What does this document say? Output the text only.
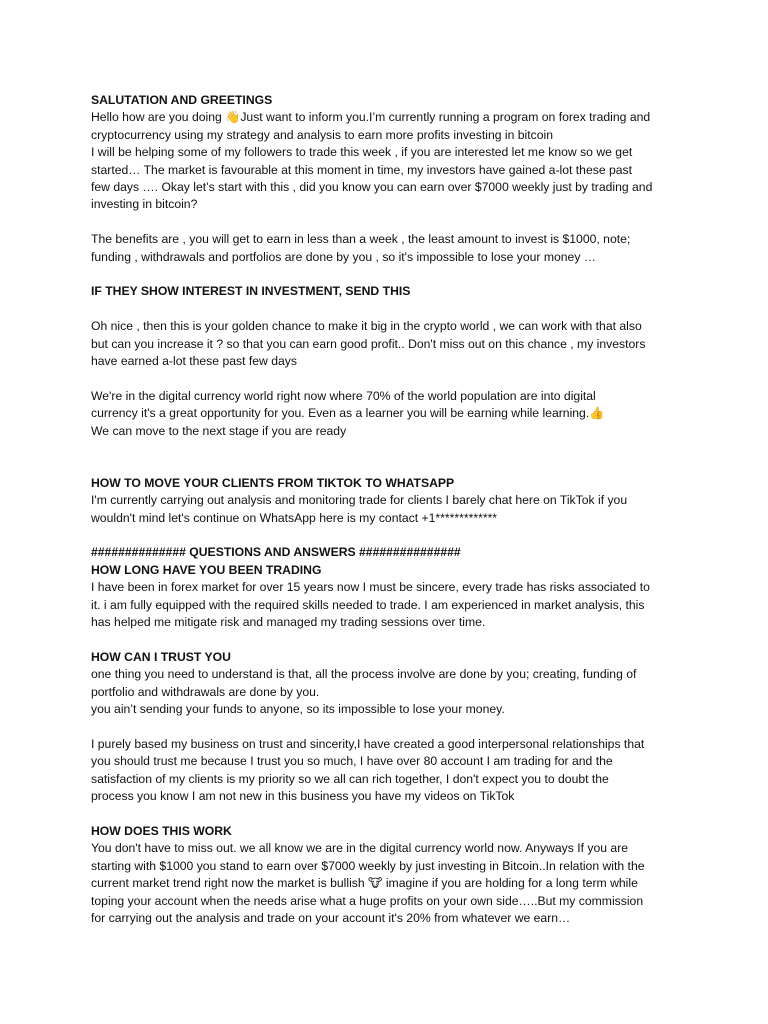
SALUTATION AND GREETINGS
Hello how are you doing 👋Just want to inform you.I’m currently running a program on forex trading and
cryptocurrency using my strategy and analysis to earn more profits investing in bitcoin
I will be helping some of my followers to trade this week , if you are interested let me know so we get
started… The market is favourable at this moment in time, my investors have gained a-lot these past
few days …. Okay let’s start with this , did you know you can earn over $7000 weekly just by trading and
investing in bitcoin?
The benefits are , you will get to earn in less than a week , the least amount to invest is $1000, note;
funding , withdrawals and portfolios are done by you , so it's impossible to lose your money …
IF THEY SHOW INTEREST IN INVESTMENT, SEND THIS
Oh nice , then this is your golden chance to make it big in the crypto world , we can work with that also
but can you increase it ? so that you can earn good profit.. Don't miss out on this chance , my investors
have earned a-lot these past few days
We're in the digital currency world right now where 70% of the world population are into digital
currency it's a great opportunity for you. Even as a learner you will be earning while learning.👍
We can move to the next stage if you are ready
HOW TO MOVE YOUR CLIENTS FROM TIKTOK TO WHATSAPP
I'm currently carrying out analysis and monitoring trade for clients I barely chat here on TikTok if you
wouldn't mind let's continue on WhatsApp here is my contact +1*************
############## QUESTIONS AND ANSWERS ###############
HOW LONG HAVE YOU BEEN TRADING
I have been in forex market for over 15 years now I must be sincere, every trade has risks associated to
it. i am fully equipped with the required skills needed to trade. I am experienced in market analysis, this
has helped me mitigate risk and managed my trading sessions over time.
HOW CAN I TRUST YOU
one thing you need to understand is that, all the process involve are done by you; creating, funding of
portfolio and withdrawals are done by you.
you ain’t sending your funds to anyone, so its impossible to lose your money.
I purely based my business on trust and sincerity,I have created a good interpersonal relationships that
you should trust me because I trust you so much, I have over 80 account I am trading for and the
satisfaction of my clients is my priority so we all can rich together, I don't expect you to doubt the
process you know I am not new in this business you have my videos on TikTok
HOW DOES THIS WORK
You don't have to miss out. we all know we are in the digital currency world now. Anyways If you are
starting with $1000 you stand to earn over $7000 weekly by just investing in Bitcoin..In relation with the
current market trend right now the market is bullish 🐮 imagine if you are holding for a long term while
toping your account when the needs arise what a huge profits on your own side…..But my commission
for carrying out the analysis and trade on your account it's 20% from whatever we earn…
